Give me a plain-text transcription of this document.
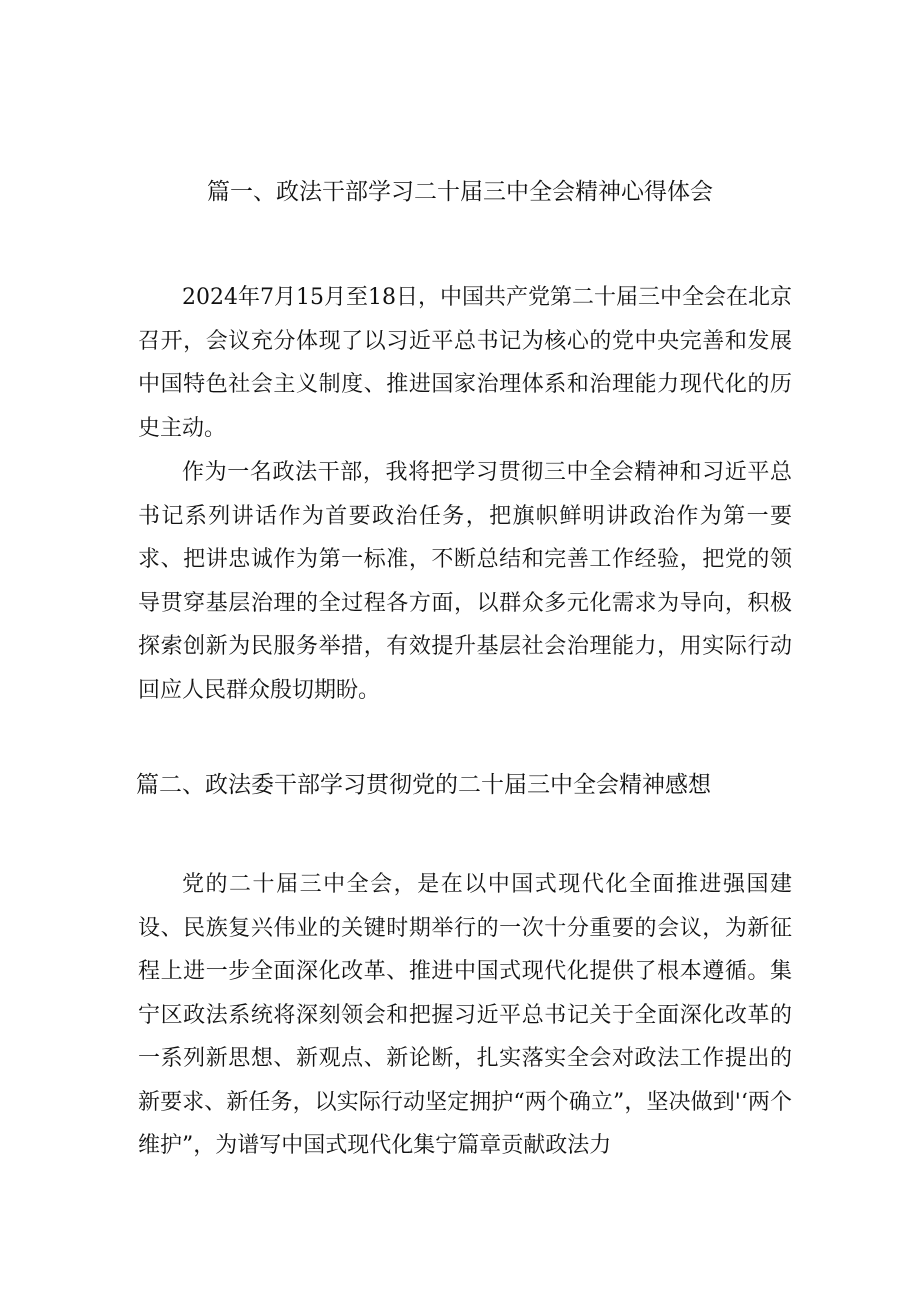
篇一、政法干部学习二十届三中全会精神心得体会

2024年7月15月至18日，中国共产党第二十届三中全会在北京召开，会议充分体现了以习近平总书记为核心的党中央完善和发展中国特色社会主义制度、推进国家治理体系和治理能力现代化的历史主动。

作为一名政法干部，我将把学习贯彻三中全会精神和习近平总书记系列讲话作为首要政治任务，把旗帜鲜明讲政治作为第一要求、把讲忠诚作为第一标准，不断总结和完善工作经验，把党的领导贯穿基层治理的全过程各方面，以群众多元化需求为导向，积极探索创新为民服务举措，有效提升基层社会治理能力，用实际行动回应人民群众殷切期盼。

篇二、政法委干部学习贯彻党的二十届三中全会精神感想

党的二十届三中全会，是在以中国式现代化全面推进强国建设、民族复兴伟业的关键时期举行的一次十分重要的会议，为新征程上进一步全面深化改革、推进中国式现代化提供了根本遵循。集宁区政法系统将深刻领会和把握习近平总书记关于全面深化改革的一系列新思想、新观点、新论断，扎实落实全会对政法工作提出的新要求、新任务，以实际行动坚定拥护“两个确立”，坚决做到'‘两个维护”，为谱写中国式现代化集宁篇章贡献政法力
